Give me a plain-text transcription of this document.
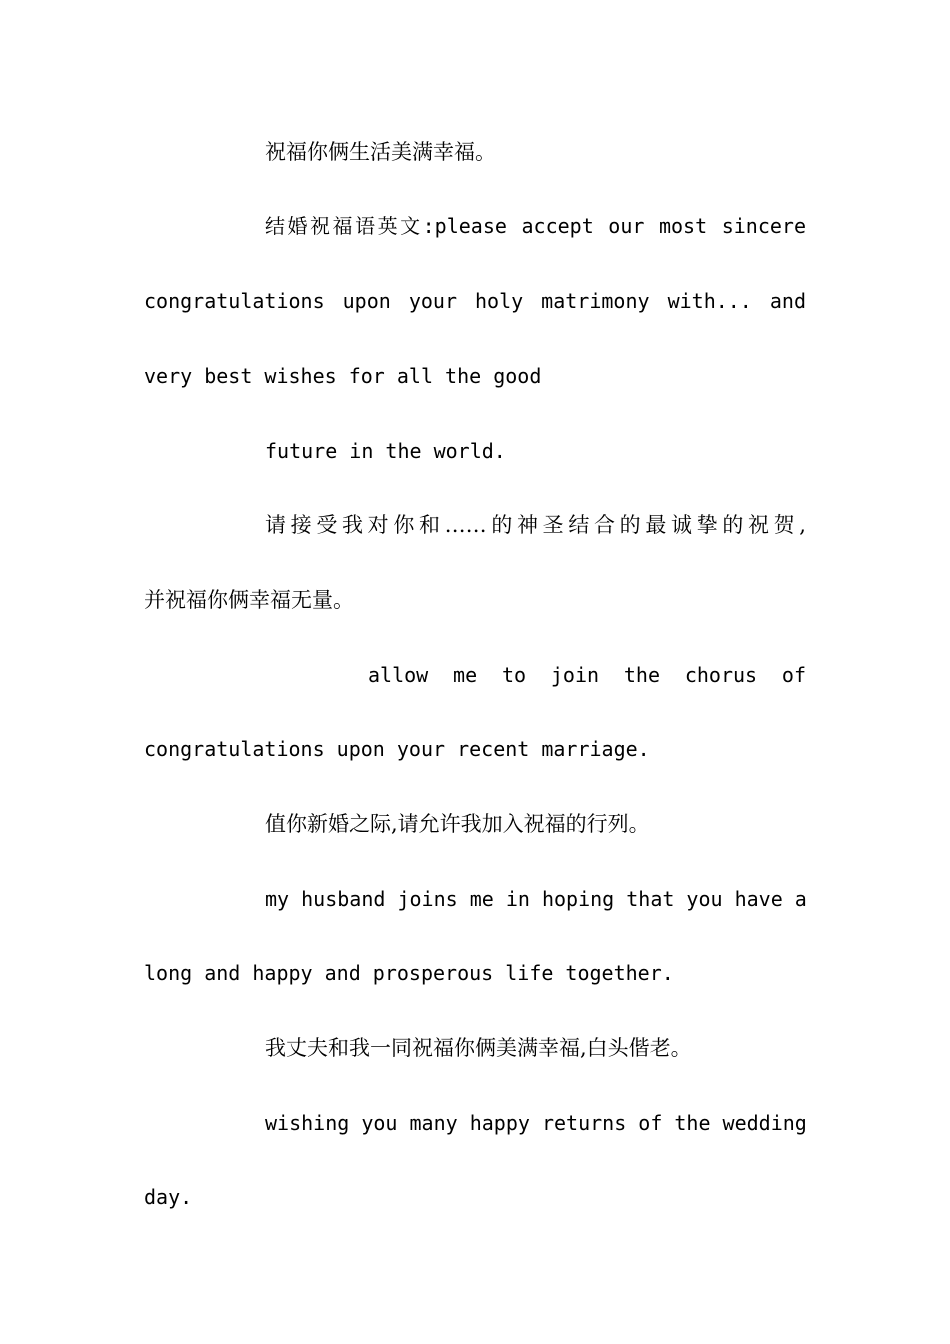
祝福你俩生活美满幸福。
结婚祝福语英文:please accept our most sincere
congratulations upon your holy matrimony with... and
very best wishes for all the good
future in the world.
请接受我对你和……的神圣结合的最诚挚的祝贺,
并祝福你俩幸福无量。
allow me to join the chorus of
congratulations upon your recent marriage.
值你新婚之际,请允许我加入祝福的行列。
my husband joins me in hoping that you have a
long and happy and prosperous life together.
我丈夫和我一同祝福你俩美满幸福,白头偕老。
wishing you many happy returns of the wedding
day.
